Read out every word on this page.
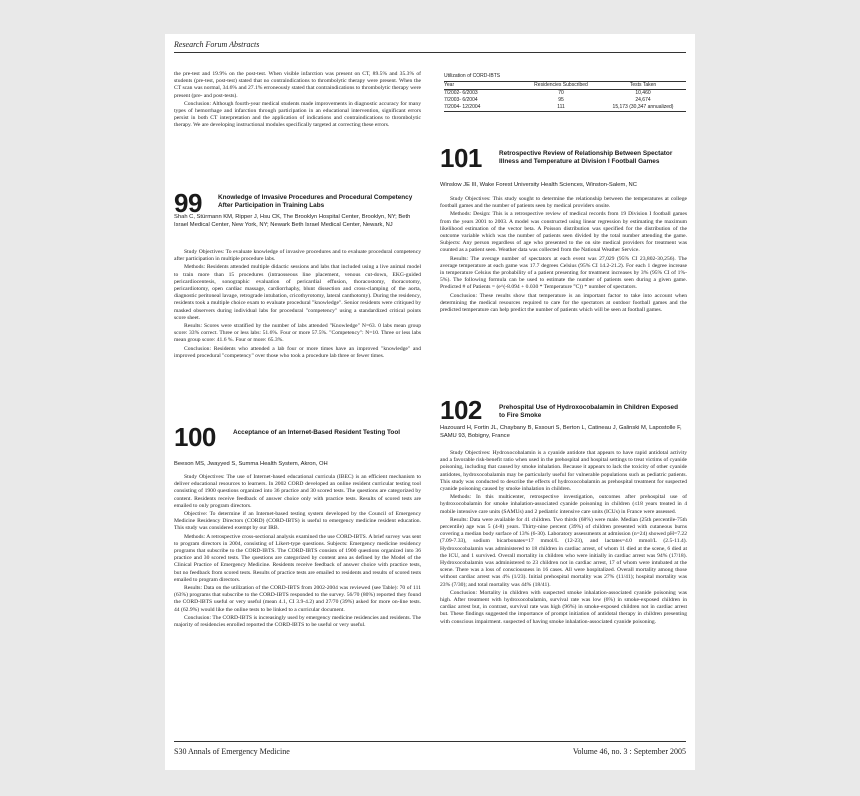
Research Forum Abstracts

the pre-test and 19.9% on the post-test. When visible infarction was present on CT, 89.5% and 35.3% of students (pre-test, post-test) stated that no contraindications to thrombolytic therapy were present. When the CT scan was normal, 34.6% and 27.1% erroneously stated that contraindications to thrombolytic therapy were present (pre- and post-tests).

Conclusion: Although fourth-year medical students made improvements in diagnostic accuracy for many types of hemorrhage and infarction through participation in an educational intervention, significant errors persist in both CT interpretation and the application of indications and contraindications to thrombolytic therapy. We are developing instructional modules specifically targeted at correcting these errors.

99	Knowledge of Invasive Procedures and Procedural Competency After Participation in Training Labs
Shah C, Stürmann KM, Ripper J, Hsu CK, The Brooklyn Hospital Center, Brooklyn, NY; Beth Israel Medical Center, New York, NY; Newark Beth Israel Medical Center, Newark, NJ

Study Objectives: To evaluate knowledge of invasive procedures and to evaluate procedural competency after participation in multiple procedure labs.

Methods: Residents attended multiple didactic sessions and labs that included using a live animal model to train more than 15 procedures (intraosseous line placement, venous cut-down, EKG-guided pericardiocentesis, sonographic evaluation of pericardial effusion, thoracostomy, thoracotomy, pericardiotomy, open cardiac massage, cardiorrhaphy, blunt dissection and cross-clamping of the aorta, diagnostic peritoneal lavage, retrograde intubation, cricothyrotomy, lateral canthotomy). During the residency, residents took a multiple choice exam to evaluate procedural "knowledge". Senior residents were critiqued by masked observers during individual labs for procedural "competency" using a standardized critical points score sheet.

Results: Scores were stratified by the number of labs attended "Knowledge" N=63. 0 labs mean group score: 33% correct. Three or less labs: 51.6%. Four or more 57.5%. "Competency": N=10. Three or less labs mean group score: 41.6 %. Four or more: 65.3%.

Conclusion: Residents who attended a lab four or more times have an improved "knowledge" and improved procedural "competency" over those who took a procedure lab three or fewer times.

100	Acceptance of an Internet-Based Resident Testing Tool
Beeson MS, Jwayyed S, Summa Health System, Akron, OH

Study Objectives: The use of Internet-based educational curricula (IBEC) is an efficient mechanism to deliver educational resources to learners. In 2002 CORD developed an online resident curricular testing tool consisting of 1900 questions organized into 36 practice and 30 scored tests. The questions are categorized by content. Residents receive feedback of answer choice only with practice tests. Results of scored tests are emailed to only program directors.

Objective: To determine if an Internet-based testing system developed by the Council of Emergency Medicine Residency Directors (CORD) (CORD-IBTS) is useful to emergency medicine resident education. This study was considered exempt by our IRB.

Methods: A retrospective cross-sectional analysis examined the use CORD-IBTS. A brief survey was sent to program directors in 2004, consisting of Likert-type questions. Subjects: Emergency medicine residency programs that subscribe to the CORD-IBTS. The CORD-IBTS consists of 1900 questions organized into 36 practice and 30 scored tests. The questions are categorized by content area as defined by the Model of the Clinical Practice of Emergency Medicine. Residents receive feedback of answer choice with practice tests, but no feedback from scored tests. Results of practice tests are emailed to residents and results of scored tests emailed to program directors.

Results: Data on the utilization of the CORD-IBTS from 2002-2004 was reviewed (see Table): 70 of 111 (63%) programs that subscribe to the CORD-IBTS responded to the survey. 56/70 (80%) reported they found the CORD-IBTS useful or very useful (mean 4.1, CI 3.9-4.2) and 27/70 (39%) asked for more on-line tests. 44 (62.9%) would like the online tests to be linked to a curricular document.

Conclusion: The CORD-IBTS is increasingly used by emergency medicine residencies and residents. The majority of residencies enrolled reported the CORD-IBTS to be useful or very useful.

Utilization of CORD-IBTS
Year	Residencies Subscribed	Tests Taken
7/2002- 6/2003	70	10,460
7/2003- 6/2004	95	24,674
7/2004- 12/2004	111	15,173 (30,347 annualized)
101	Retrospective Review of Relationship Between Spectator Illness and Temperature at Division I Football Games
Winslow JE III, Wake Forest University Health Sciences, Winston-Salem, NC

Study Objectives: This study sought to determine the relationship between the temperatures at college football games and the number of patients seen by medical providers onsite.

Methods: Design: This is a retrospective review of medical records from 19 Division I football games from the years 2001 to 2003. A model was constructed using linear regression by estimating the maximum likelihood estimation of the vector beta. A Poisson distribution was specified for the distribution of the outcome variable which was the number of patients seen divided by the total number attending the game. Subjects: Any person regardless of age who presented to the on site medical providers for treatment was counted as a patient seen. Weather data was collected from the National Weather Service.

Results: The average number of spectators at each event was 27,029 (95% CI 23,802-30,256). The average temperature at each game was 17.7 degrees Celsius (95% CI 14.2-21.2). For each 1 degree increase in temperature Celsius the probability of a patient presenting for treatment increases by 3% (95% CI of 1%- 5%). The following formula can be used to estimate the number of patients seen during a given game. Predicted # of Patients = (e^(-8.094 + 0.030 * Temperature °C)) * number of spectators.

Conclusion: These results show that temperature is an important factor to take into account when determining the medical resources required to care for the spectators at outdoor football games and the predicted temperature can help predict the number of patients which will be seen at football games.

102	Prehospital Use of Hydroxocobalamin in Children Exposed to Fire Smoke
Hazouard H, Fortin JL, Chaybany B, Essouri S, Berton L, Catineau J, Galinski M, Lapostolle F, SAMU 93, Bobigny, France

Study Objectives: Hydroxocobalamin is a cyanide antidote that appears to have rapid antidotal activity and a favorable risk-benefit ratio when used in the prehospital and hospital settings to treat victims of cyanide poisoning, including that caused by smoke inhalation. Because it appears to lack the toxicity of other cyanide antidotes, hydroxocobalamin may be particularly useful for vulnerable populations such as pediatric patients. This study was conducted to describe the effects of hydroxocobalamin as prehospital treatment for suspected cyanide poisoning caused by smoke inhalation in children.

Methods: In this multicenter, retrospective investigation, outcomes after prehospital use of hydroxocobalamin for smoke inhalation-associated cyanide poisoning in children (≤18 years treated in 4 mobile intensive care units (SAMUs) and 2 pediatric intensive care units (ICUs) in France were assessed.

Results: Data were available for 41 children. Two thirds (68%) were male. Median (25th percentile-75th percentile) age was 5 (4-8) years. Thirty-nine percent (39%) of children presented with cutaneous burns covering a median body surface of 13% (6-30). Laboratory assessments at admission (n=24) showed pH=7.22 (7.09-7.33), sodium bicarbonates=17 mmol/L (12-23), and lactates=4.0 mmol/L (2.5-11.4). Hydroxocobalamin was administered to 18 children in cardiac arrest, of whom 11 died at the scene, 6 died at the ICU, and 1 survived. Overall mortality in children who were initially in cardiac arrest was 94% (17/18). Hydroxocobalamin was administered to 23 children not in cardiac arrest, 17 of whom were intubated at the scene. There was a loss of consciousness in 16 cases. All were hospitalized. Overall mortality among those without cardiac arrest was 4% (1/23). Initial prehospital mortality was 27% (11/41); hospital mortality was 23% (7/30); and total mortality was 44% (18/41).

Conclusion: Mortality in children with suspected smoke inhalation-associated cyanide poisoning was high. After treatment with hydroxocobalamin, survival rate was low (6%) in smoke-exposed children in cardiac arrest but, in contrast, survival rate was high (96%) in smoke-exposed children not in cardiac arrest but. These findings suggested the importance of prompt initiation of antidotal therapy in children presenting with conscious impairment. suspected of having smoke inhalation-associated cyanide poisoning.

S30 Annals of Emergency Medicine	Volume 46, no. 3 : September 2005
